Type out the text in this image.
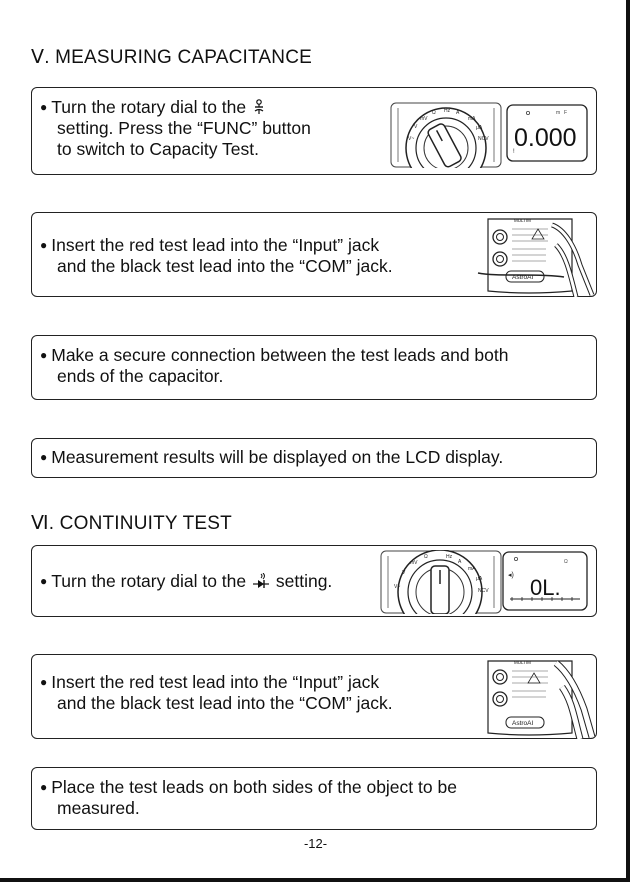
Ⅴ. MEASURING CAPACITANCE
● Turn the rotary dial to the
setting. Press the “FUNC” button
to switch to Capacity Test.
V
mV
Ω Hz A
mA
μA
V~	NCV
m F
! 0.000
● Insert the red test lead into the “Input” jack
and the black test lead into the “COM” jack.
MULTIM
AstroAI
● Make a secure connection between the test leads and both
ends of the capacitor.
● Measurement results will be displayed on the LCD display.
Ⅵ. CONTINUITY TEST
● Turn the rotary dial to the setting.	V
mV
Ω	Hz
A
mA
μA
V~
NCV
◂)
Ω
0L.
● Insert the red test lead into the “Input” jack
and the black test lead into the “COM” jack.
MULTIM
AstroAI
● Place the test leads on both sides of the object to be
measured.
-12-
